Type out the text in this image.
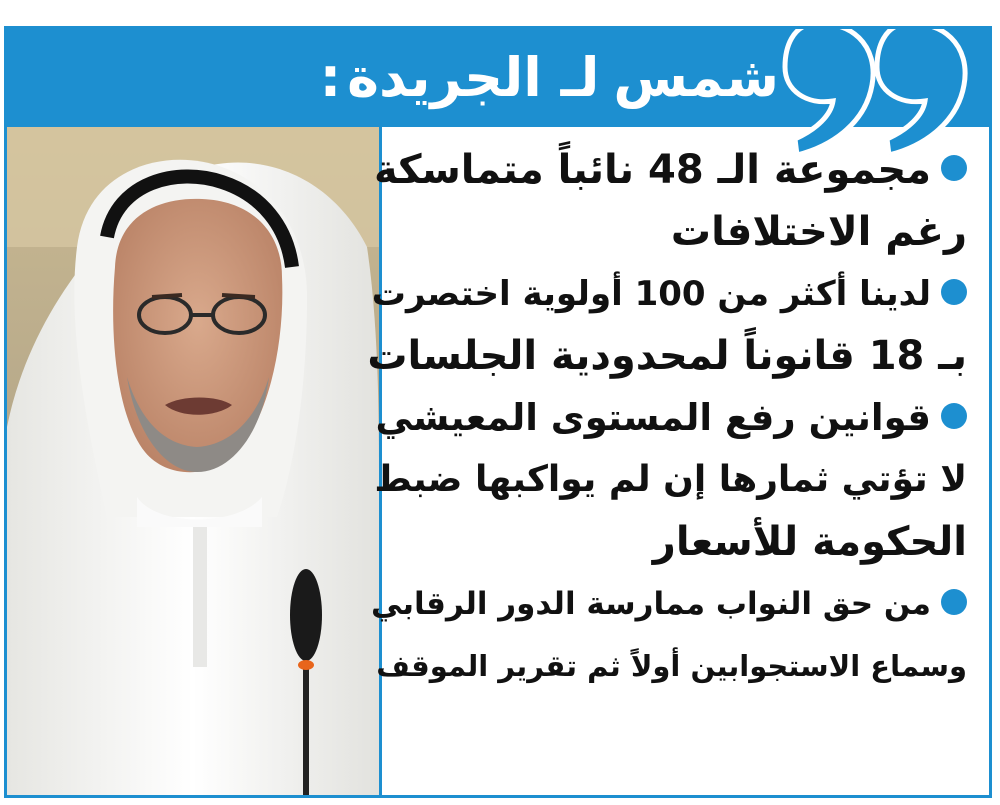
شمس
لـ الجريدة
:
مجموعة الـ 48 نائباً متماسكة
رغم الاختلافات
لدينا أكثر من 100 أولوية اختصرت
بـ 18 قانوناً لمحدودية الجلسات
قوانين رفع المستوى المعيشي
لا تؤتي ثمارها إن لم يواكبها ضبط
الحكومة للأسعار
من حق النواب ممارسة الدور الرقابي
وسماع الاستجوابين أولاً ثم تقرير الموقف
